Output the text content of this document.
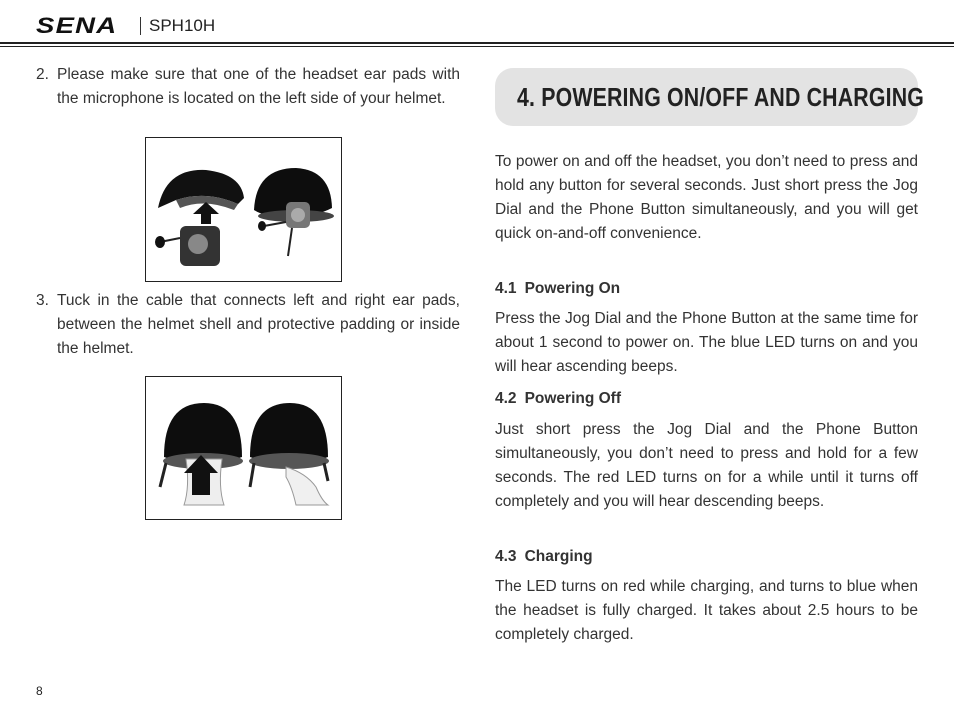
SENA	SPH10H
2. Please make sure that one of the headset ear pads with the microphone is located on the left side of your helmet.
3. Tuck in the cable that connects left and right ear pads, between the helmet shell and protective padding or inside the helmet.
4. POWERING ON/OFF AND CHARGING
To power on and off the headset, you don’t need to press and hold any button for several seconds. Just short press the Jog Dial and the Phone Button simultaneously, and you will get quick on-and-off convenience.
4.1 Powering On
Press the Jog Dial and the Phone Button at the same time for about 1 second to power on. The blue LED turns on and you will hear ascending beeps.
4.2 Powering Off
Just short press the Jog Dial and the Phone Button simultaneously, you don’t need to press and hold for a few seconds. The red LED turns on for a while until it turns off completely and you will hear descending beeps.
4.3 Charging
The LED turns on red while charging, and turns to blue when the headset is fully charged. It takes about 2.5 hours to be completely charged.
8
